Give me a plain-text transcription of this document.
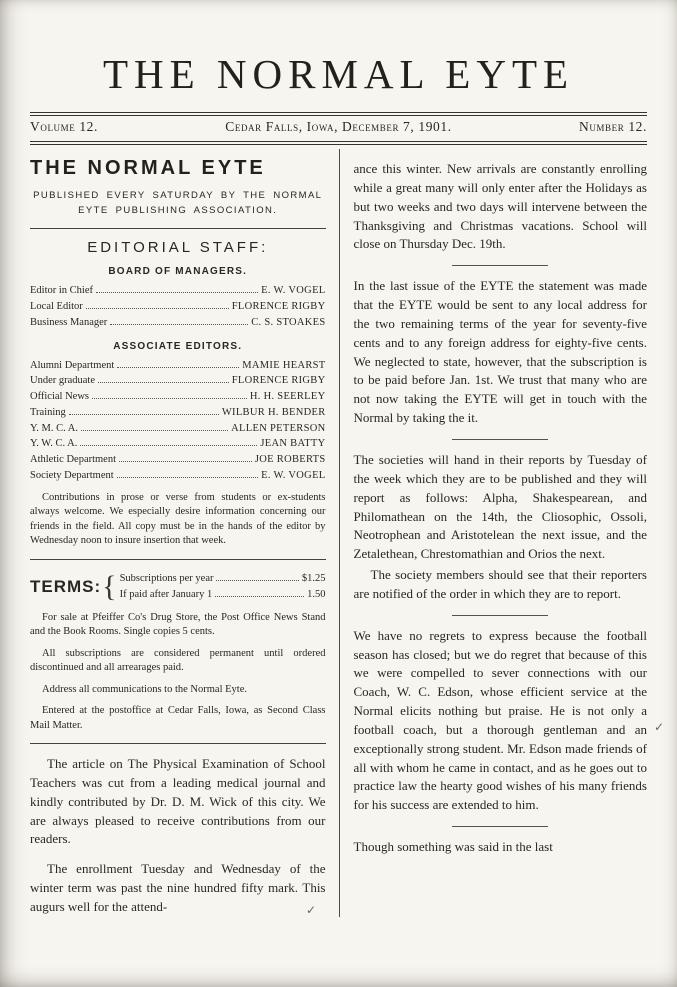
THE NORMAL EYTE
Volume 12.	Cedar Falls, Iowa, December 7, 1901.	Number 12.
THE NORMAL EYTE

PUBLISHED EVERY SATURDAY BY THE NORMAL EYTE PUBLISHING ASSOCIATION.

EDITORIAL STAFF:
BOARD OF MANAGERS.
Editor in Chief	E. W. VOGEL
Local Editor	FLORENCE RIGBY
Business Manager	C. S. STOAKES
ASSOCIATE EDITORS.
Alumni Department	MAMIE HEARST
Under graduate	FLORENCE RIGBY
Official News	H. H. SEERLEY
Training	WILBUR H. BENDER
Y. M. C. A.	ALLEN PETERSON
Y. W. C. A.	JEAN BATTY
Athletic Department	JOE ROBERTS
Society Department	E. W. VOGEL

Contributions in prose or verse from students or ex-students always welcome. We especially desire information concerning our friends in the field. All copy must be in the hands of the editor by Wednesday noon to insure insertion that week.

TERMS: { Subscriptions per year	$1.25
If paid after January 1	1.50

For sale at Pfeiffer Co's Drug Store, the Post Office News Stand and the Book Rooms. Single copies 5 cents.

All subscriptions are considered permanent until ordered discontinued and all arrearages paid.

Address all communications to the Normal Eyte.

Entered at the postoffice at Cedar Falls, Iowa, as Second Class Mail Matter.

The article on The Physical Examination of School Teachers was cut from a leading medical journal and kindly contributed by Dr. D. M. Wick of this city. We are always pleased to receive contributions from our readers.

The enrollment Tuesday and Wednesday of the winter term was past the nine hundred fifty mark. This augurs well for the attend-

ance this winter. New arrivals are constantly enrolling while a great many will only enter after the Holidays as but two weeks and two days will intervene between the Thanksgiving and Christmas vacations. School will close on Thursday Dec. 19th.

In the last issue of the EYTE the statement was made that the EYTE would be sent to any local address for the two remaining terms of the year for seventy-five cents and to any foreign address for eighty-five cents. We neglected to state, however, that the subscription is to be paid before Jan. 1st. We trust that many who are not now taking the EYTE will get in touch with the Normal by taking the it.

The societies will hand in their reports by Tuesday of the week which they are to be published and they will report as follows: Alpha, Shakespearean, and Philomathean on the 14th, the Cliosophic, Ossoli, Neotrophean and Aristotelean the next issue, and the Zetalethean, Chrestomathian and Orios the next.

The society members should see that their reporters are notified of the order in which they are to report.

We have no regrets to express because the football season has closed; but we do regret that because of this we were compelled to sever connections with our Coach, W. C. Edson, whose efficient service at the Normal elicits nothing but praise. He is not only a football coach, but a thorough gentleman and an exceptionally strong student. Mr. Edson made friends of all with whom he came in contact, and as he goes out to practice law the hearty good wishes of his many friends for his success are extended to him.

Though something was said in the last

✓
✓
